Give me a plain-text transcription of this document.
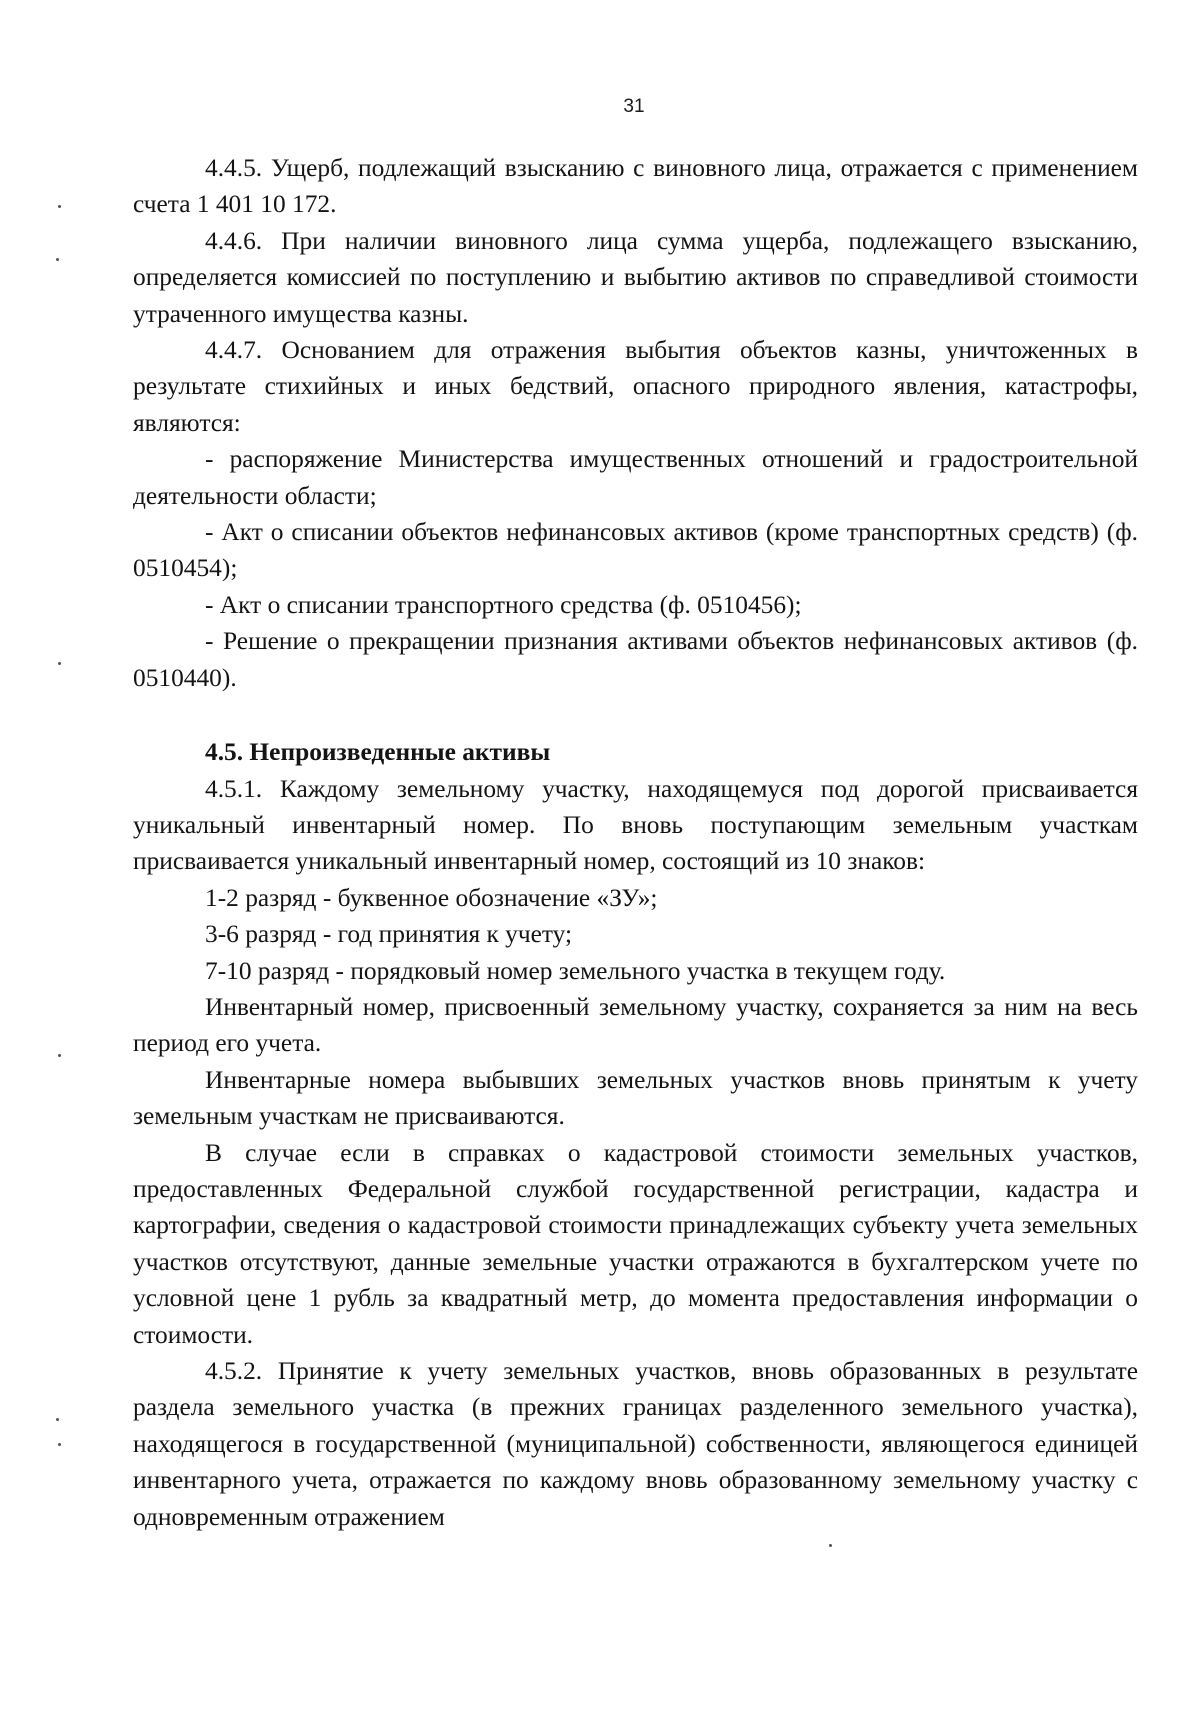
31

4.4.5. Ущерб, подлежащий взысканию с виновного лица, отражается с применением счета 1 401 10 172.

4.4.6. При наличии виновного лица сумма ущерба, подлежащего взысканию, определяется комиссией по поступлению и выбытию активов по справедливой стоимости утраченного имущества казны.

4.4.7. Основанием для отражения выбытия объектов казны, уничтоженных в результате стихийных и иных бедствий, опасного природного явления, катастрофы, являются:

- распоряжение Министерства имущественных отношений и градостроительной деятельности области;

- Акт о списании объектов нефинансовых активов (кроме транспортных средств) (ф. 0510454);

- Акт о списании транспортного средства (ф. 0510456);

- Решение о прекращении признания активами объектов нефинансовых активов (ф. 0510440).

4.5. Непроизведенные активы

4.5.1. Каждому земельному участку, находящемуся под дорогой присваивается уникальный инвентарный номер. По вновь поступающим земельным участкам присваивается уникальный инвентарный номер, состоящий из 10 знаков:

1-2 разряд - буквенное обозначение «ЗУ»;

3-6 разряд - год принятия к учету;

7-10 разряд - порядковый номер земельного участка в текущем году.

Инвентарный номер, присвоенный земельному участку, сохраняется за ним на весь период его учета.

Инвентарные номера выбывших земельных участков вновь принятым к учету земельным участкам не присваиваются.

В случае если в справках о кадастровой стоимости земельных участков, предоставленных Федеральной службой государственной регистрации, кадастра и картографии, сведения о кадастровой стоимости принадлежащих субъекту учета земельных участков отсутствуют, данные земельные участки отражаются в бухгалтерском учете по условной цене 1 рубль за квадратный метр, до момента предоставления информации о стоимости.

4.5.2. Принятие к учету земельных участков, вновь образованных в результате раздела земельного участка (в прежних границах разделенного земельного участка), находящегося в государственной (муниципальной) собственности, являющегося единицей инвентарного учета, отражается по каждому вновь образованному земельному участку с одновременным отражением
